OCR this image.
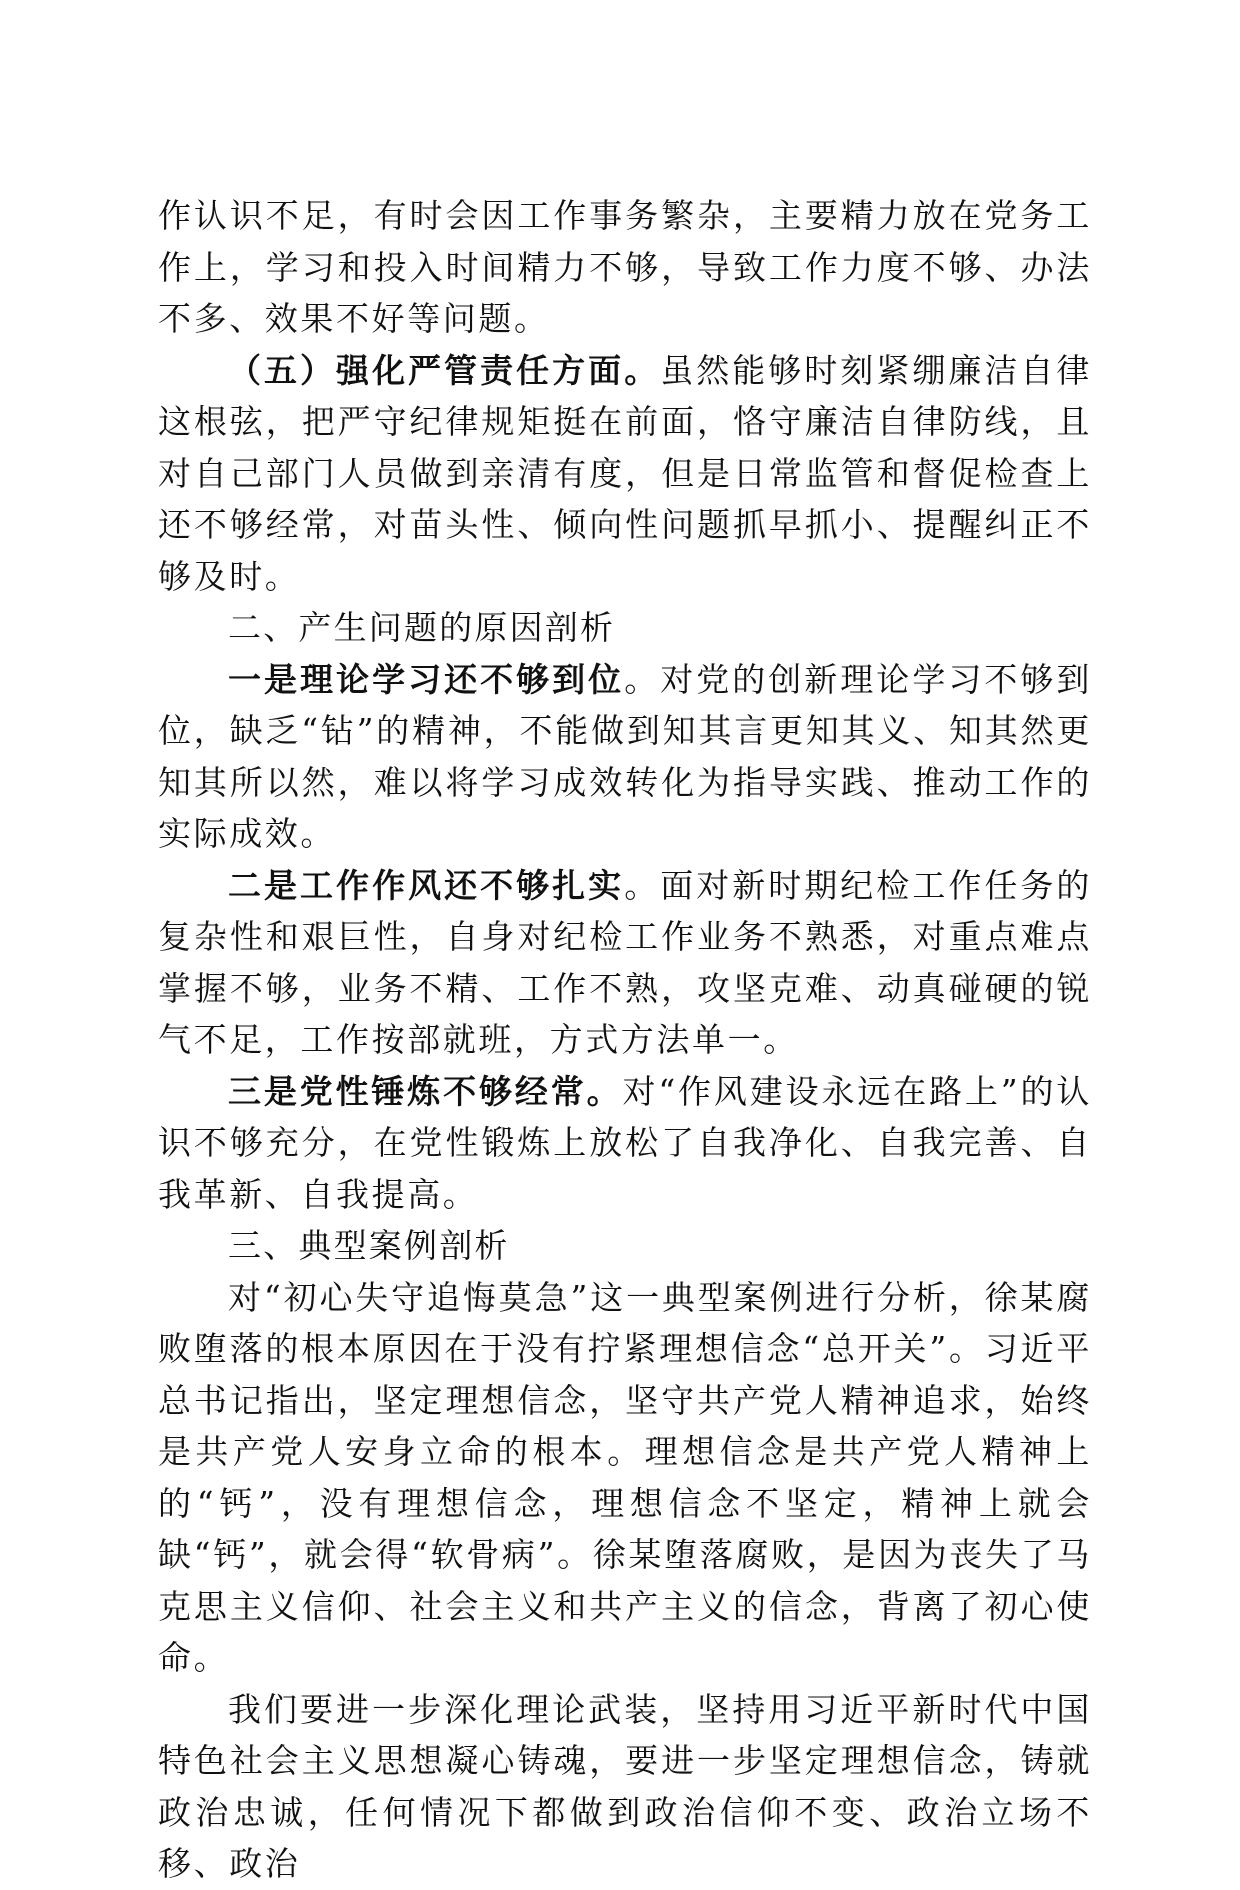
作认识不足，有时会因工作事务繁杂，主要精力放在党务工作上，学习和投入时间精力不够，导致工作力度不够、办法不多、效果不好等问题。

（五）强化严管责任方面。虽然能够时刻紧绷廉洁自律这根弦，把严守纪律规矩挺在前面，恪守廉洁自律防线，且对自己部门人员做到亲清有度，但是日常监管和督促检查上还不够经常，对苗头性、倾向性问题抓早抓小、提醒纠正不够及时。

二、产生问题的原因剖析

一是理论学习还不够到位。对党的创新理论学习不够到位，缺乏“钻”的精神，不能做到知其言更知其义、知其然更知其所以然，难以将学习成效转化为指导实践、推动工作的实际成效。

二是工作作风还不够扎实。面对新时期纪检工作任务的复杂性和艰巨性，自身对纪检工作业务不熟悉，对重点难点掌握不够，业务不精、工作不熟，攻坚克难、动真碰硬的锐气不足，工作按部就班，方式方法单一。

三是党性锤炼不够经常。对“作风建设永远在路上”的认识不够充分，在党性锻炼上放松了自我净化、自我完善、自我革新、自我提高。

三、典型案例剖析

对“初心失守追悔莫急”这一典型案例进行分析，徐某腐败堕落的根本原因在于没有拧紧理想信念“总开关”。习近平总书记指出，坚定理想信念，坚守共产党人精神追求，始终是共产党人安身立命的根本。理想信念是共产党人精神上的“钙”，没有理想信念，理想信念不坚定，精神上就会缺“钙”，就会得“软骨病”。徐某堕落腐败，是因为丧失了马克思主义信仰、社会主义和共产主义的信念，背离了初心使命。

我们要进一步深化理论武装，坚持用习近平新时代中国特色社会主义思想凝心铸魂，要进一步坚定理想信念，铸就政治忠诚，任何情况下都做到政治信仰不变、政治立场不移、政治
